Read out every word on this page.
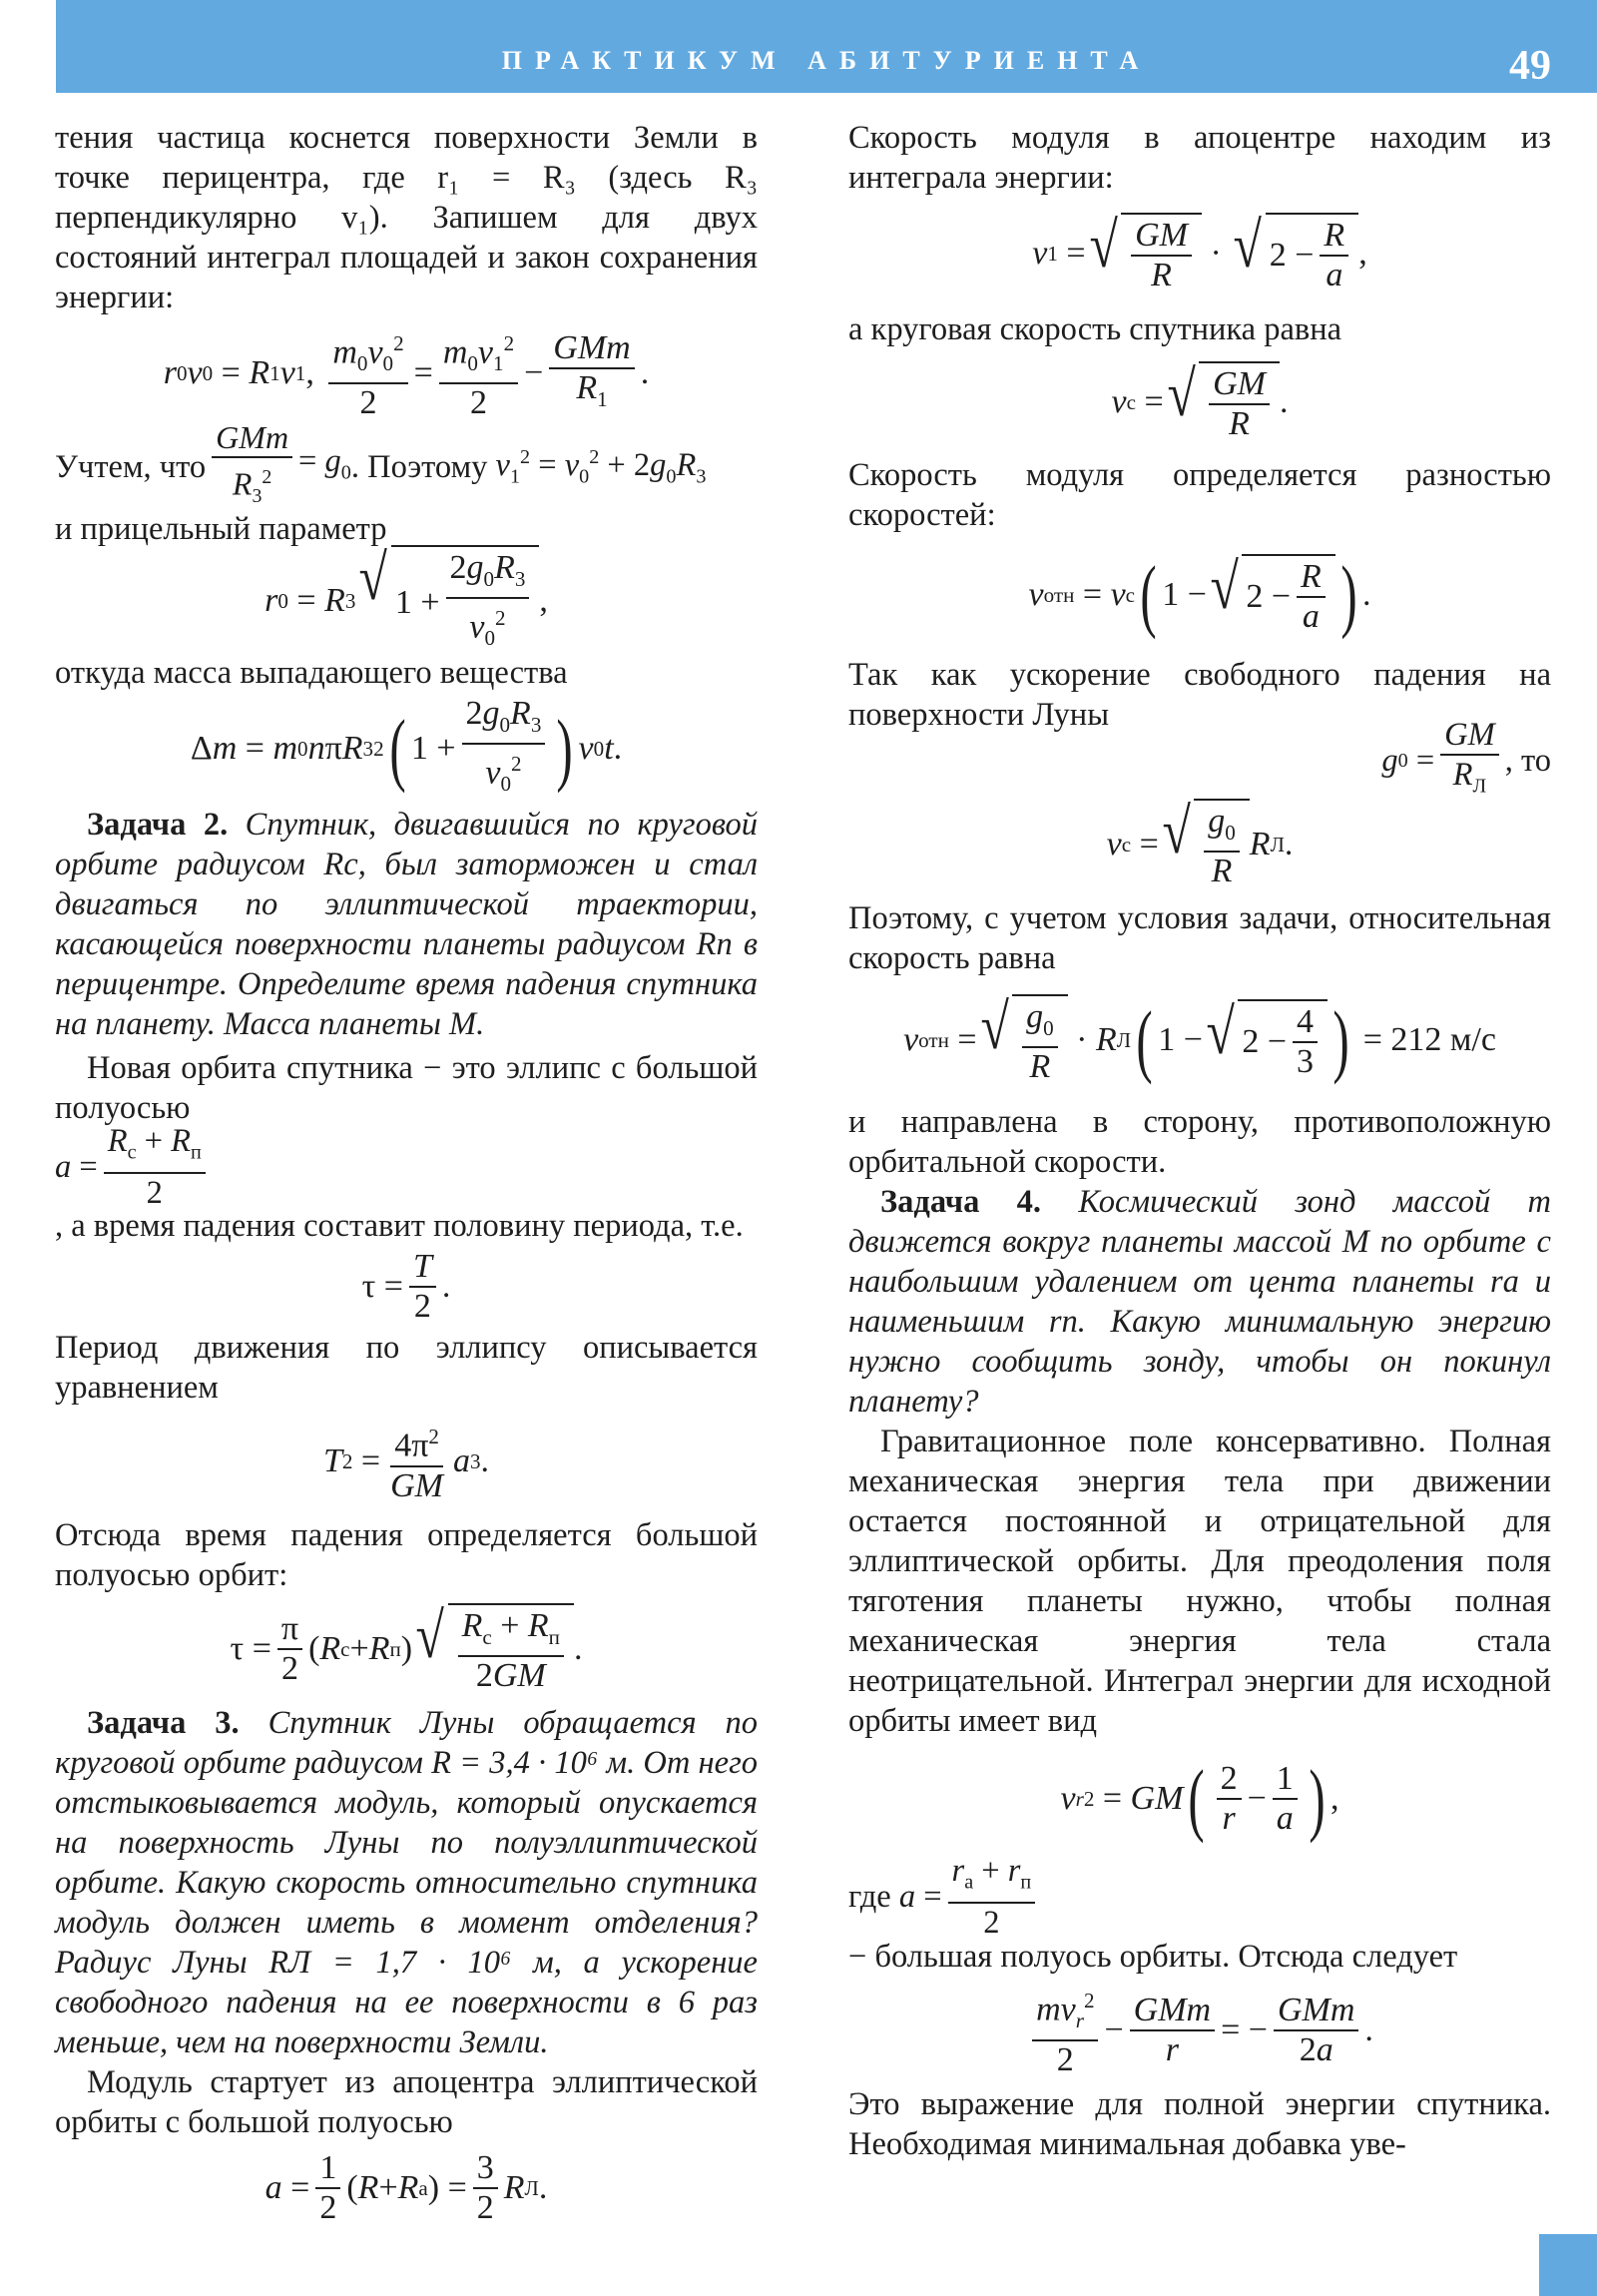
ПРАКТИКУМ АБИТУРИЕНТА	49

тения частица коснется поверхности Земли в точке перицентра, где r₁ = R₃ (здесь R₃ перпендикулярно v₁). Запишем для двух состояний интеграл площадей и закон сохранения энергии:

r 0 v 0 = R 1 v 1 , $\frac{m_0v_0^2}{2} = \frac{m_0v_1^2}{2} - \frac{\text{GMm}}{R_1}$ .
Учтем, что $\frac{\text{GMm}}{R_3^2} = g_0$ . Поэтому $v_1^2 = v_0^2 + 2g_0R_3$

и прицельный параметр

r 0 = R 3 √ $1 + \frac{2g_0R_3}{v_0^2}$ ,

откуда масса выпадающего вещества

Δ m = m 0 n π R 3 2 ( $1 + \frac{2g_0R_3}{v_0^2}$ ) v 0 t .

Задача 2. Спутник, двигавшийся по круговой орбите радиусом Rс, был заторможен и стал двигаться по эллиптической траектории, касающейся поверхности планеты радиусом Rп в перицентре. Определите время падения спутника на планету. Масса планеты M.

Новая орбита спутника − это эллипс с большой полуосью

$a = \frac{R_с + R_п}{2}$

, а время падения составит половину периода, т.е.

$\tau = \frac{T}{2}$ .

Период движения по эллипсу описывается уравнением

T $2 = \frac{4\pi^2}{GM}$ a 3 .

Отсюда время падения определяется большой полуосью орбит:

$\tau = \frac{\pi}{2}$ ( R с + R п ) √ $\frac{R_с + R_п}{2GM}$ .

Задача 3. Спутник Луны обращается по круговой орбите радиусом R = 3,4 · 10⁶ м. От него отстыковывается модуль, который опускается на поверхность Луны по полуэллиптической орбите. Какую скорость относительно спутника модуль должен иметь в момент отделения? Радиус Луны RЛ = 1,7 · 10⁶ м, а ускорение свободного падения на ее поверхности в 6 раз меньше, чем на поверхности Земли.

Модуль стартует из апоцентра эллиптической орбиты с большой полуосью

$a = \frac{1}{2}$ ( R + R а ) = $\frac{3}{2}$ R Л .

Скорость модуля в апоцентре находим из интеграла энергии:

v 1 = √ $\frac{GM}{R}$ · √ $2 - \frac{R}{a}$ ,

а круговая скорость спутника равна

v с = √ $\frac{GM}{R}$ .

Скорость модуля определяется разностью скоростей:

v отн = v с ( 1 − √ $2 - \frac{R}{a}$ ) .

Так как ускорение свободного падения на поверхности Луны

g $0 = \frac{GM}{R_Л}$ , то
v с = √ $\frac{g_0}{R}$ R Л .

Поэтому, с учетом условия задачи, относительная скорость равна

v отн = √ $\frac{g_0}{R} \cdot R$ Л ( 1 − √ $2 - \frac{4}{3}$ )
= 212 м/с

и направлена в сторону, противоположную орбитальной скорости.

Задача 4. Космический зонд массой m движется вокруг планеты массой M по орбите с наибольшим удалением от цента планеты rа и наименьшим rп. Какую минимальную энергию нужно сообщить зонду, чтобы он покинул планету?

Гравитационное поле консервативно. Полная механическая энергия тела при движении остается постоянной и отрицательной для эллиптической орбиты. Для преодоления поля тяготения планеты нужно, чтобы полная механическая энергия тела стала неотрицательной. Интеграл энергии для исходной орбиты имеет вид

v r 2 = GM ( $\frac{2}{r} - \frac{1}{a}$ ) ,
где
$a = \frac{r_а + r_п}{2}$

− большая полуось орбиты. Отсюда следует

$\frac{mv_r^2}{2} - \frac{\text{GMm}}{r}$ = − $\frac{\text{GMm}}{2a}$ .

Это выражение для полной энергии спутника. Необходимая минимальная добавка уве-
